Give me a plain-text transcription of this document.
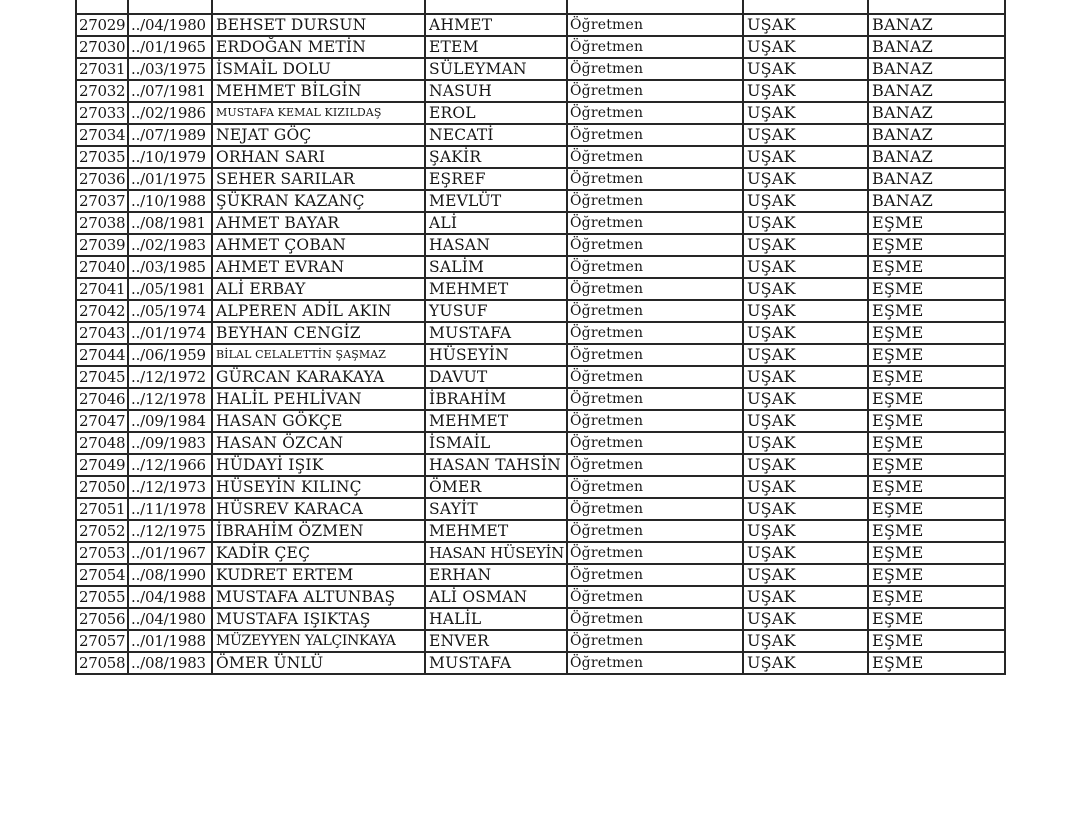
27029	../04/1980	BEHSET DURSUN	AHMET	Öğretmen	UŞAK	BANAZ
27030	../01/1965	ERDOĞAN METİN	ETEM	Öğretmen	UŞAK	BANAZ
27031	../03/1975	İSMAİL DOLU	SÜLEYMAN	Öğretmen	UŞAK	BANAZ
27032	../07/1981	MEHMET BİLGİN	NASUH	Öğretmen	UŞAK	BANAZ
27033	../02/1986	MUSTAFA KEMAL KIZILDAŞ	EROL	Öğretmen	UŞAK	BANAZ
27034	../07/1989	NEJAT GÖÇ	NECATİ	Öğretmen	UŞAK	BANAZ
27035	../10/1979	ORHAN SARI	ŞAKİR	Öğretmen	UŞAK	BANAZ
27036	../01/1975	SEHER SARILAR	EŞREF	Öğretmen	UŞAK	BANAZ
27037	../10/1988	ŞÜKRAN KAZANÇ	MEVLÜT	Öğretmen	UŞAK	BANAZ
27038	../08/1981	AHMET BAYAR	ALİ	Öğretmen	UŞAK	EŞME
27039	../02/1983	AHMET ÇOBAN	HASAN	Öğretmen	UŞAK	EŞME
27040	../03/1985	AHMET EVRAN	SALİM	Öğretmen	UŞAK	EŞME
27041	../05/1981	ALİ ERBAY	MEHMET	Öğretmen	UŞAK	EŞME
27042	../05/1974	ALPEREN ADİL AKIN	YUSUF	Öğretmen	UŞAK	EŞME
27043	../01/1974	BEYHAN CENGİZ	MUSTAFA	Öğretmen	UŞAK	EŞME
27044	../06/1959	BİLAL CELALETTİN ŞAŞMAZ	HÜSEYİN	Öğretmen	UŞAK	EŞME
27045	../12/1972	GÜRCAN KARAKAYA	DAVUT	Öğretmen	UŞAK	EŞME
27046	../12/1978	HALİL PEHLİVAN	İBRAHİM	Öğretmen	UŞAK	EŞME
27047	../09/1984	HASAN GÖKÇE	MEHMET	Öğretmen	UŞAK	EŞME
27048	../09/1983	HASAN ÖZCAN	İSMAİL	Öğretmen	UŞAK	EŞME
27049	../12/1966	HÜDAYİ IŞIK	HASAN TAHSİN	Öğretmen	UŞAK	EŞME
27050	../12/1973	HÜSEYİN KILINÇ	ÖMER	Öğretmen	UŞAK	EŞME
27051	../11/1978	HÜSREV KARACA	SAYİT	Öğretmen	UŞAK	EŞME
27052	../12/1975	İBRAHİM ÖZMEN	MEHMET	Öğretmen	UŞAK	EŞME
27053	../01/1967	KADİR ÇEÇ	HASAN HÜSEYİN	Öğretmen	UŞAK	EŞME
27054	../08/1990	KUDRET ERTEM	ERHAN	Öğretmen	UŞAK	EŞME
27055	../04/1988	MUSTAFA ALTUNBAŞ	ALİ OSMAN	Öğretmen	UŞAK	EŞME
27056	../04/1980	MUSTAFA IŞIKTAŞ	HALİL	Öğretmen	UŞAK	EŞME
27057	../01/1988	MÜZEYYEN YALÇINKAYA	ENVER	Öğretmen	UŞAK	EŞME
27058	../08/1983	ÖMER ÜNLÜ	MUSTAFA	Öğretmen	UŞAK	EŞME
